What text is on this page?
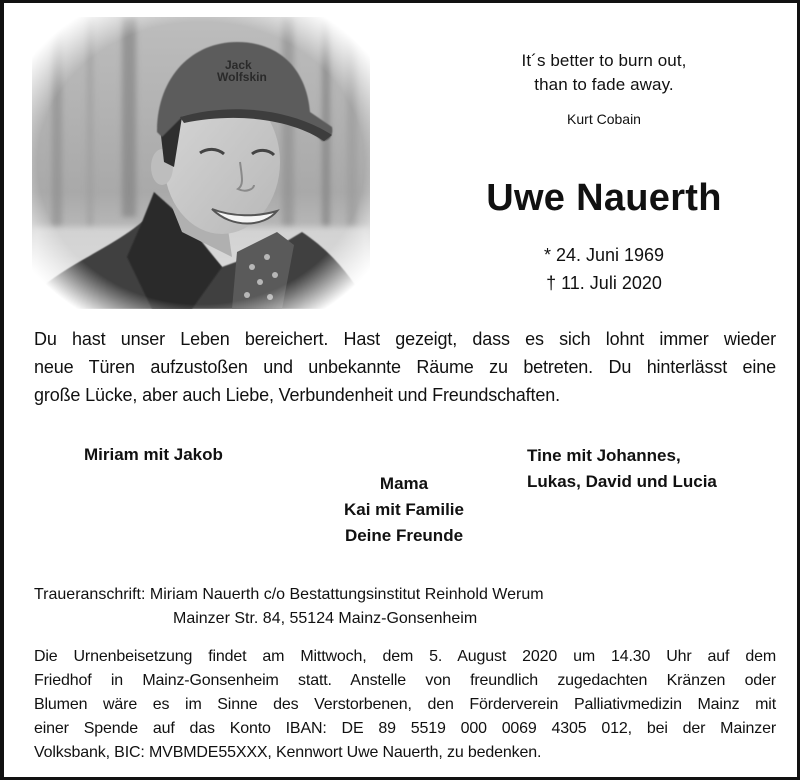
It´s better to burn out,
than to fade away.
Kurt Cobain
Uwe Nauerth
* 24. Juni 1969
† 11. Juli 2020
Du hast unser Leben bereichert. Hast gezeigt, dass es sich lohnt immer wieder
neue Türen aufzustoßen und unbekannte Räume zu betreten. Du hinterlässt eine
große Lücke, aber auch Liebe, Verbundenheit und Freundschaften.
Miriam mit Jakob
Mama
Kai mit Familie
Deine Freunde
Tine mit Johannes,
Lukas, David und Lucia
Traueranschrift: Miriam Nauerth c/o Bestattungsinstitut Reinhold Werum
Mainzer Str. 84, 55124 Mainz-Gonsenheim
Die Urnenbeisetzung findet am Mittwoch, dem 5. August 2020 um 14.30 Uhr auf dem
Friedhof in Mainz-Gonsenheim statt. Anstelle von freundlich zugedachten Kränzen oder
Blumen wäre es im Sinne des Verstorbenen, den Förderverein Palliativmedizin Mainz mit
einer Spende auf das Konto IBAN: DE 89 5519 000 0069 4305 012, bei der Mainzer
Volksbank, BIC: MVBMDE55XXX, Kennwort Uwe Nauerth, zu bedenken.
